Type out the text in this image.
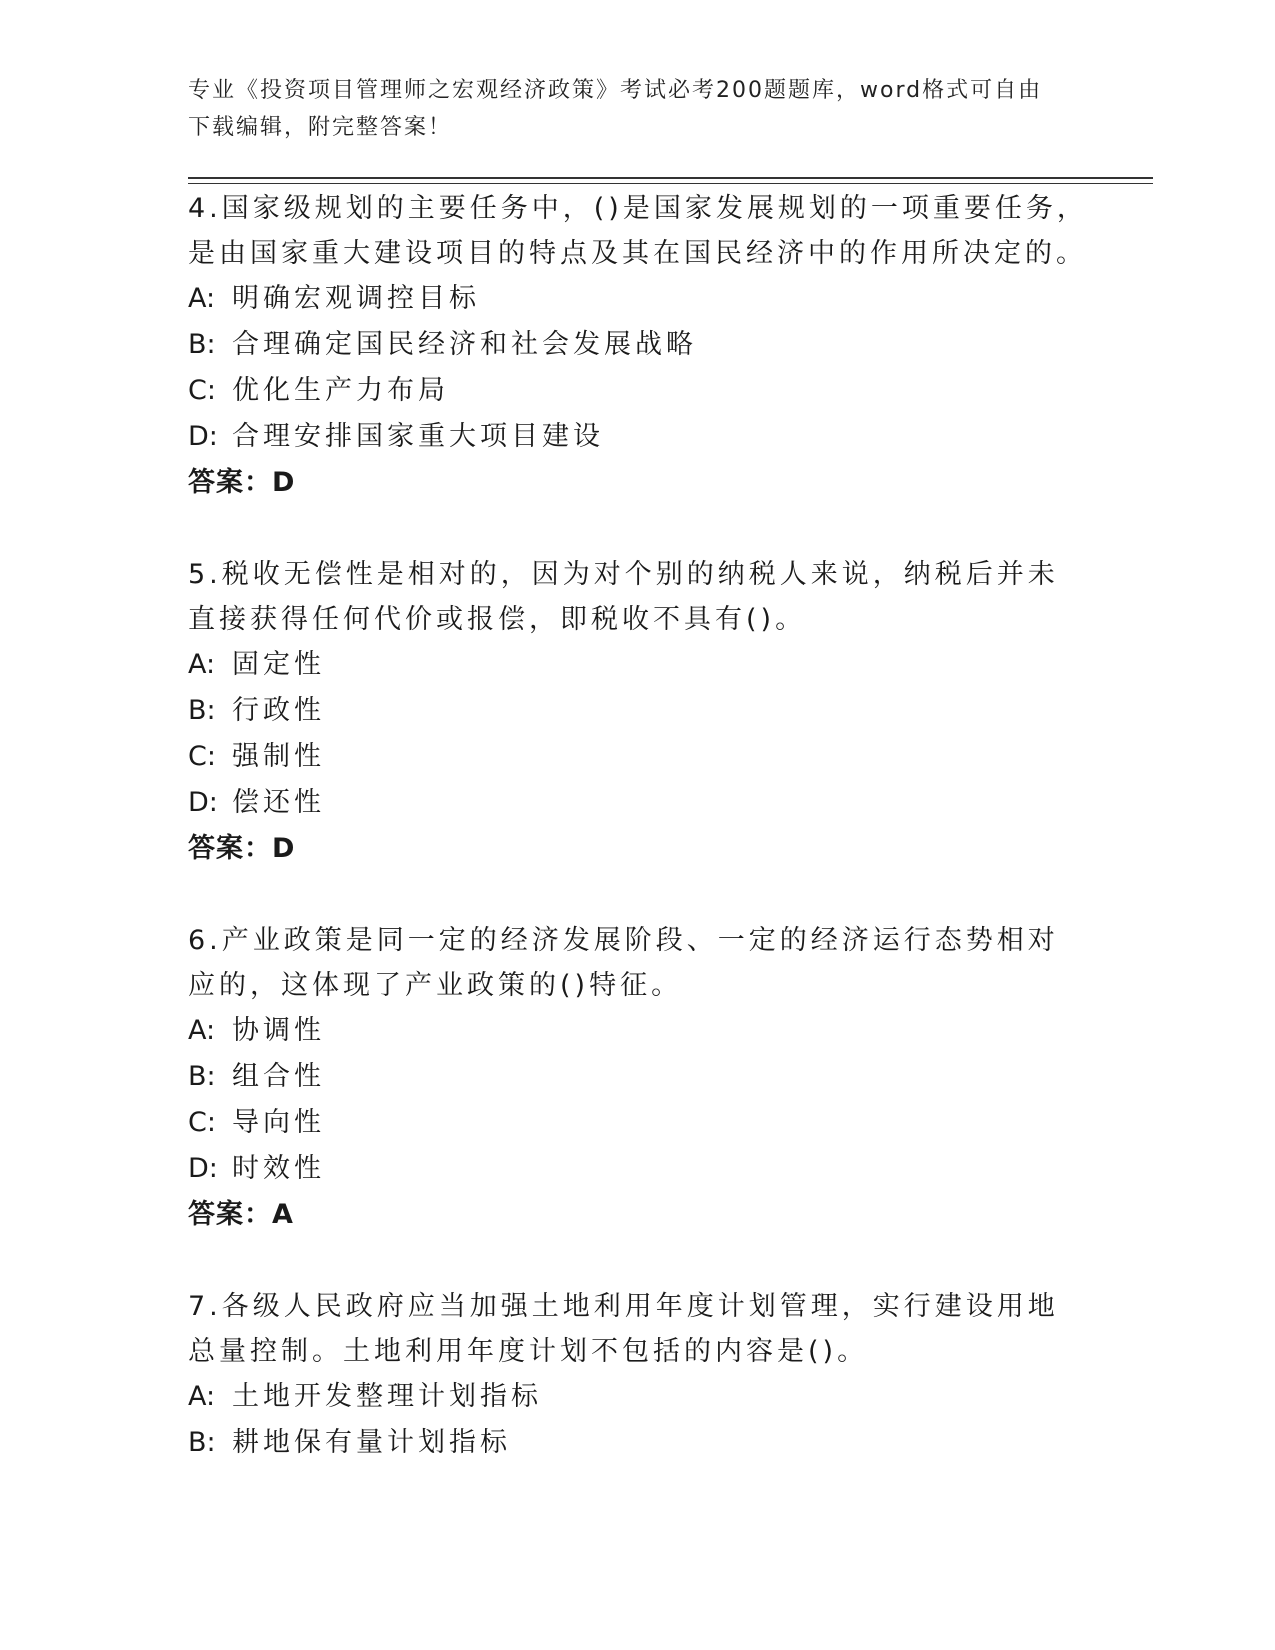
专业《投资项目管理师之宏观经济政策》考试必考200题题库，word格式可自由
下载编辑，附完整答案！
4.国家级规划的主要任务中，()是国家发展规划的一项重要任务，是由国家重大建设项目的特点及其在国民经济中的作用所决定的。
A: 明确宏观调控目标
B: 合理确定国民经济和社会发展战略
C: 优化生产力布局
D: 合理安排国家重大项目建设
答案：D
5.税收无偿性是相对的，因为对个别的纳税人来说，纳税后并未直接获得任何代价或报偿，即税收不具有()。
A: 固定性
B: 行政性
C: 强制性
D: 偿还性
答案：D
6.产业政策是同一定的经济发展阶段、一定的经济运行态势相对应的，这体现了产业政策的()特征。
A: 协调性
B: 组合性
C: 导向性
D: 时效性
答案：A
7.各级人民政府应当加强土地利用年度计划管理，实行建设用地总量控制。土地利用年度计划不包括的内容是()。
A: 土地开发整理计划指标
B: 耕地保有量计划指标
